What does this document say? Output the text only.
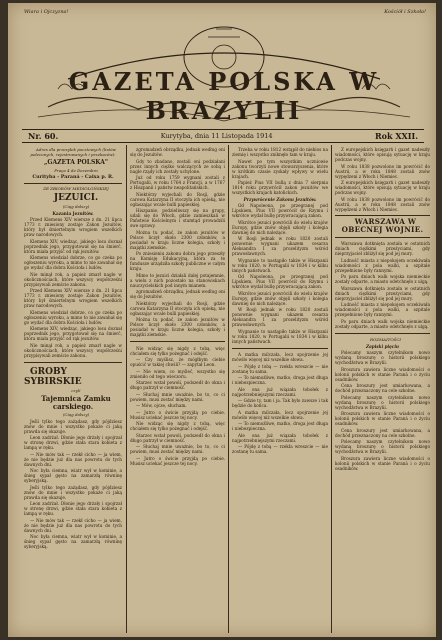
Wiara i Ojczyzna!	Kościół i Szkoła!
GAZETA POLSKA W BRAZYLII
Nr. 60.	Kurytyba, dnia 11 Listopada 1914	Rok XXII.

Adres dla przesyłek pocztowych (listów poleconych, rejestrowanych i przekazów):

„GAZETA POLSKA"

Praça 4 de Dezembro

Curityba - Paraná - Caixa p. R.

ZE ZBIORÓW MEDIOLOŃSKIEJ

JEZUICI.

(Ciąg dalszy)

Kazania Jezuitów.

Przed Klemens XIV wiersze z dn. 21 lipca 1773 r. zniesiony zostaje Zakon Jezuitów, który był śmiertelnym wrogiem wszelkich praw narodowych.

Klemens XIV, wiedząc, jakiego losu doznał poprzednik jego, przygotował się na śmierć, która miała przyjść od rąk jezuitów.

Klemens wiedział dobrze, co go czeka po ogłoszeniu wyroku, a mimo to nie zawahał się go wydać dla dobra Kościoła i ludów.

Nie minął rok, a papież zmarł nagle w okolicznościach, które wszyscy współcześni przypisywali zemście zakonu.

Przed Klemens XIV wiersze z dn. 21 lipca 1773 r. zniesiony zostaje Zakon Jezuitów, który był śmiertelnym wrogiem wszelkich praw narodowych.

Klemens wiedział dobrze, co go czeka po ogłoszeniu wyroku, a mimo to nie zawahał się go wydać dla dobra Kościoła i ludów.

Klemens XIV, wiedząc, jakiego losu doznał poprzednik jego, przygotował się na śmierć, która miała przyjść od rąk jezuitów.

Nie minął rok, a papież zmarł nagle w okolicznościach, które wszyscy współcześni przypisywali zemście zakonu.

GROBY SYBIRSKIE

czyli

Tajemnica Zamku carskiego.

(Ciąg dalszy)

Jeśli tylko tego zażądasz, gdy pójdziesz znów do mnie i wszystko pokaże ci jaką prawda się okazuje.

Leon zadrżał. Dłonie jego drżały i spojrzał w stronę drzwi, gdzie stała stara kobieta z lampą w ręku.

— Nie mów tak — rzekł cicho — ja wiem, że nie będzie już dla nas powrotu do tych dawnych dni.

Noc była ciemna, wiatr wył w kominie, a śnieg sypał gęsto na zamarzłą równinę syberyjską.

Jeśli tylko tego zażądasz, gdy pójdziesz znów do mnie i wszystko pokaże ci jaką prawda się okazuje.

Leon zadrżał. Dłonie jego drżały i spojrzał w stronę drzwi, gdzie stała stara kobieta z lampą w ręku.

— Nie mów tak — rzekł cicho — ja wiem, że nie będzie już dla nas powrotu do tych dawnych dni.

Noc była ciemna, wiatr wył w kominie, a śnieg sypał gęsto na zamarzłą równinę syberyjską.

zgromadzeń obrządku, jednak według oni się do Jezuitów.

Gdy to zbadano, zostali oni podziałani przez innych ciężko walczących ze sobą i nagle rządy ich zostały uchylone.

Już od roku 1759 wygnani zostali z Portugalii, w roku 1764 z Francji, a w 1767 z Hiszpanii i państw neapolitańskich.

Niektórzy wyjechali do Rosji, gdzie carowa Katarzyna II otoczyła ich opieką, nie ogłaszając wcale bulli papieskiej.

Hiszpanie, podzieliwszy się na grupy, udali się do Włoch, gdzie zamieszkali w Państwie Kościelnym i stamtąd prowadzili swe sprawy.

Można tu podać, że zakon jezuitów w Polsce liczył około 2300 członków, a posiadał w kraju liczne kolegia, szkoły i majątki ziemskie.

Po zniesieniu zakonu dobra jego przeszły na Komisję Edukacyjną, która za te fundusze urządziła szkoły publiczne w całym kraju.

Mimo to jezuici działali dalej potajemnie, a wielu z nich pozostało na stanowiskach nauczycielskich pod innym mianem.

zgromadzeń obrządku, jednak według oni się do Jezuitów.

Niektórzy wyjechali do Rosji, gdzie carowa Katarzyna II otoczyła ich opieką, nie ogłaszając wcale bulli papieskiej.

Można tu podać, że zakon jezuitów w Polsce liczył około 2300 członków, a posiadał w kraju liczne kolegia, szkoły i majątki ziemskie.

Nie widząc się nigdy z tobą, więc chciałem się tylko pożegnać i odejść.

— Czy myślisz, że mógłbym ciebie opuścić w takiej chwili? — zapytał Leon.

— Nie wiem, co myśleć, wszystko się zmieniło od tego wieczoru.

Starzec wstał powoli, podszedł do okna i długo patrzył w ciemność.

— Słuchaj mnie uważnie, bo to, co ci powiem, musi zostać między nami.

— Mów, ojcze, słucham.

— Jutro o świcie przyjdą po ciebie. Musisz uciekać jeszcze tej nocy.

Nie widząc się nigdy z tobą, więc chciałem się tylko pożegnać i odejść.

Starzec wstał powoli, podszedł do okna i długo patrzył w ciemność.

— Słuchaj mnie uważnie, bo to, co ci powiem, musi zostać między nami.

— Jutro o świcie przyjdą po ciebie. Musisz uciekać jeszcze tej nocy.

Trzeba w roku 1812 wstąpił do niebios na ziemię i wszystko zniknęło tam w kraju.

Nawet po tym wszystkim uczniowie zakonu tworzyli nowe stowarzyszenia, które w krótkim czasie zyskały wpływy w wielu krajach.

Papież Pius VII bullą z dnia 7 sierpnia 1814 roku przywrócił zakon jezuitów we wszystkich krajach katolickich.

Przywrócenie Zakonu Jezuitów.

Od Napoleona, po przegranej pod Lipskiem, Pius VII powrócił do Rzymu i wkrótce wydał bullę przywracającą zakon.

Wkrótce jezuici powrócili do wielu krajów Europy, gdzie znów objęli szkoły i kolegia dawniej do nich należące.

W Rosji jednak w roku 1820 zostali ponownie wygnani ukazem cesarza Aleksandra I za prozelityzm wśród prawosławnych.

Wygnanie to nastąpiło także w Hiszpanii w roku 1820, w Portugalii w 1834 i w kilku innych państwach.

Od Napoleona, po przegranej pod Lipskiem, Pius VII powrócił do Rzymu i wkrótce wydał bullę przywracającą zakon.

Wkrótce jezuici powrócili do wielu krajów Europy, gdzie znów objęli szkoły i kolegia dawniej do nich należące.

W Rosji jednak w roku 1820 zostali ponownie wygnani ukazem cesarza Aleksandra I za prozelityzm wśród prawosławnych.

Wygnanie to nastąpiło także w Hiszpanii w roku 1820, w Portugalii w 1834 i w kilku innych państwach.

A matka milczała, lecz spojrzenie jej mówiło więcej niż wszelkie słowa.

— Pójdę z tobą — rzekła wreszcie — nie zostanę tu sama.

— To niemożliwe, matko, droga jest długa i niebezpieczna.

Ale ona już wiązała tobołek z najpotrzebniejszymi rzeczami.

— Gdzie ty, tam i ja. Tak było zawsze i tak będzie do końca.

A matka milczała, lecz spojrzenie jej mówiło więcej niż wszelkie słowa.

— To niemożliwe, matko, droga jest długa i niebezpieczna.

Ale ona już wiązała tobołek z najpotrzebniejszymi rzeczami.

— Pójdę z tobą — rzekła wreszcie — nie zostanę tu sama.

Z europejskich księgarń i gazet nadeszły wiadomości, które opisują sytuację w kraju podczas wojny.

W roku 1838 pozwolono im powrócić do Austrii, a w roku 1848 zostali znów wypędzeni z Włoch i Niemiec.

Z europejskich księgarń i gazet nadeszły wiadomości, które opisują sytuację w kraju podczas wojny.

W roku 1838 pozwolono im powrócić do Austrii, a w roku 1848 zostali znów wypędzeni z Włoch i Niemiec.

WARSZAWA W OBECNEJ WOJNIE.

Warszawa dotknięta została w ostatnich dniach ciężkimi przeżyciami, gdy nieprzyjaciel zbliżył się pod jej mury.

Ludność miasta z niepokojem oczekiwała wiadomości z pola walki, a szpitale przepełnione były rannymi.

Po paru dniach walk wojska niemieckie zostały odparte, a miasto odetchnęło z ulgą.

Warszawa dotknięta została w ostatnich dniach ciężkimi przeżyciami, gdy nieprzyjaciel zbliżył się pod jej mury.

Ludność miasta z niepokojem oczekiwała wiadomości z pola walki, a szpitale przepełnione były rannymi.

Po paru dniach walk wojska niemieckie zostały odparte, a miasto odetchnęło z ulgą.

ROZMAITOŚCI

Zapiski pięciu

Polecamy naszym czytelnikom nowo wydaną broszurę o historii polskiego wychodźstwa w Brazylii.

Broszura zawiera liczne wiadomości o kolonii polskich w stanie Paraná i o życiu osadników.

Cena broszury jest umiarkowana, a dochód przeznaczony na cele szkolne.

Polecamy naszym czytelnikom nowo wydaną broszurę o historii polskiego wychodźstwa w Brazylii.

Broszura zawiera liczne wiadomości o kolonii polskich w stanie Paraná i o życiu osadników.

Cena broszury jest umiarkowana, a dochód przeznaczony na cele szkolne.

Polecamy naszym czytelnikom nowo wydaną broszurę o historii polskiego wychodźstwa w Brazylii.

Broszura zawiera liczne wiadomości o kolonii polskich w stanie Paraná i o życiu osadników.
